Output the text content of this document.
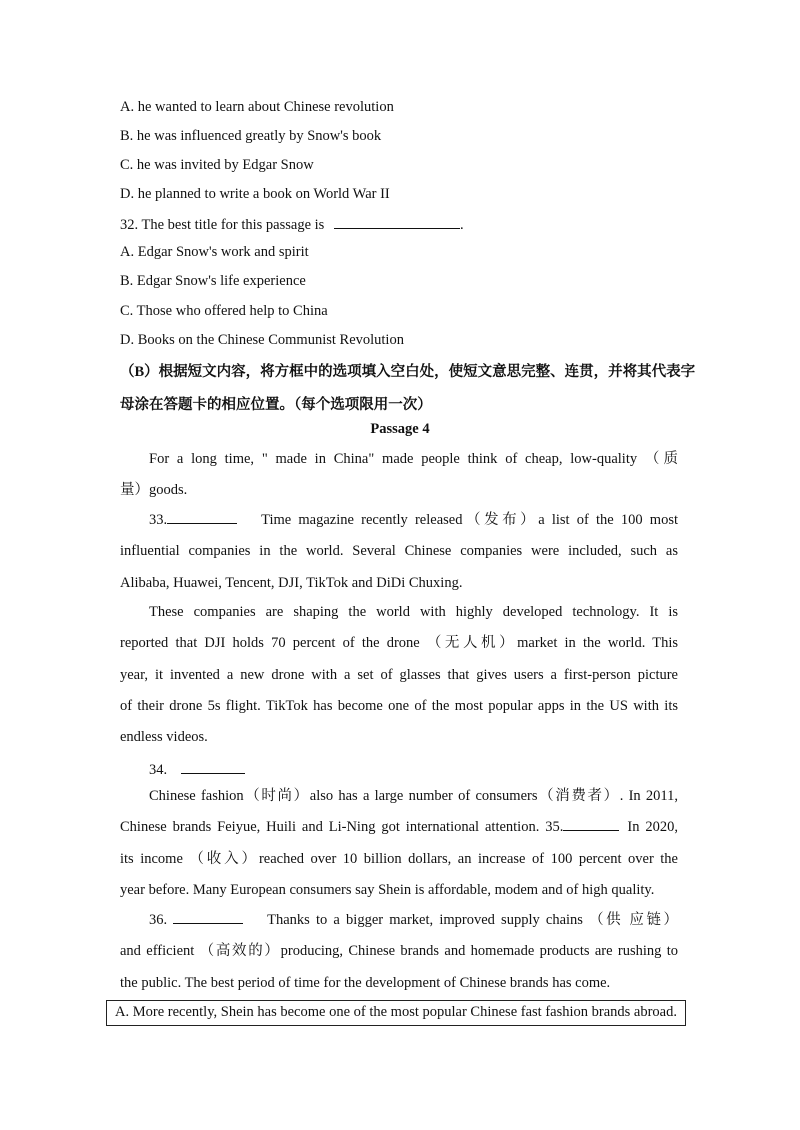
A. he wanted to learn about Chinese revolution
B. he was influenced greatly by Snow's book
C. he was invited by Edgar Snow
D. he planned to write a book on World War II
32. The best title for this passage is	.
A. Edgar Snow's work and spirit
B. Edgar Snow's life experience
C. Those who offered help to China
D. Books on the Chinese Communist Revolution
（B）根据短文内容，将方框中的选项填入空白处，使短文意思完整、连贯，并将其代表字
母涂在答题卡的相应位置。（每个选项限用一次）
Passage 4
For a long time, " made in China" made people think of cheap, low-quality （质
量）goods.
33.	Time magazine recently released（发布）a list of the 100 most
influential companies in the world. Several Chinese companies were included, such as
Alibaba, Huawei, Tencent, DJI, TikTok and DiDi Chuxing.
These companies are shaping the world with highly developed technology. It is
reported that DJI holds 70 percent of the drone （无人机）market in the world. This
year, it invented a new drone with a set of glasses that gives users a first-person picture
of their drone 5s flight. TikTok has become one of the most popular apps in the US with its
endless videos.
34.
Chinese fashion（时尚）also has a large number of consumers（消费者）. In 2011,
Chinese brands Feiyue, Huili and Li-Ning got international attention. 35.	In 2020,
its income （收入）reached over 10 billion dollars, an increase of 100 percent over the
year before. Many European consumers say Shein is affordable, modem and of high quality.
36.	Thanks to a bigger market, improved supply chains （供 应链）
and efficient （高效的）producing, Chinese brands and homemade products are rushing to
the public. The best period of time for the development of Chinese brands has come.
A. More recently, Shein has become one of the most popular Chinese fast fashion brands abroad.
